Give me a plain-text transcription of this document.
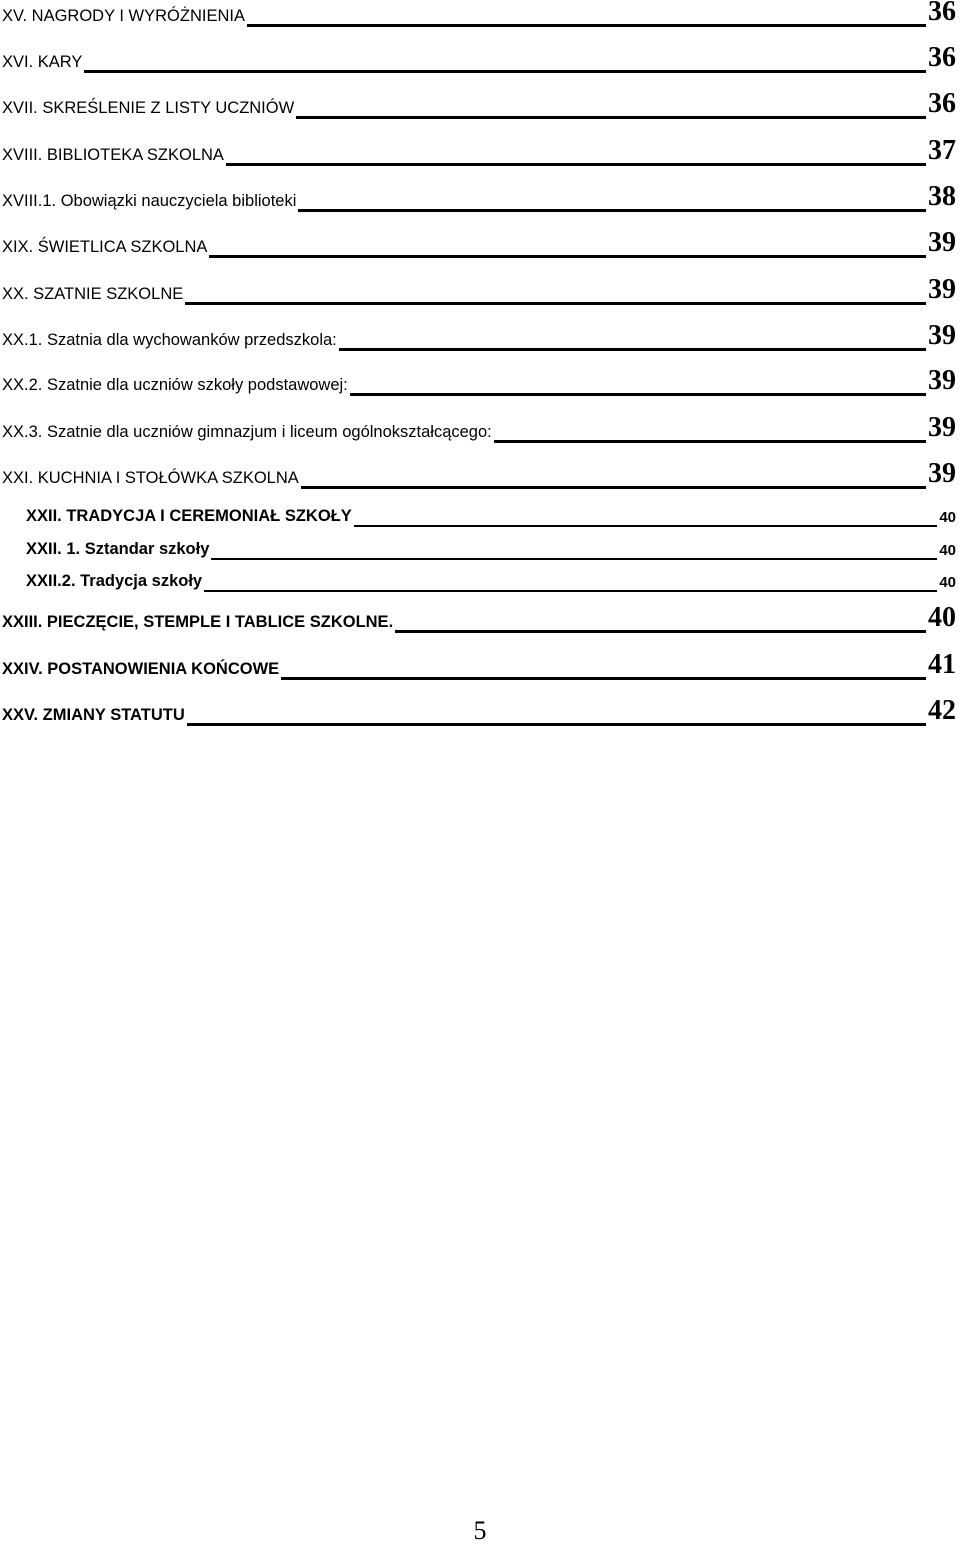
XV. NAGRODY I WYRÓŻNIENIA	36
XVI. KARY	36
XVII. SKREŚLENIE Z LISTY UCZNIÓW	36
XVIII. BIBLIOTEKA SZKOLNA	37
XVIII.1. Obowiązki nauczyciela biblioteki	38
XIX. ŚWIETLICA SZKOLNA	39
XX. SZATNIE SZKOLNE	39
XX.1. Szatnia dla wychowanków przedszkola:	39
XX.2. Szatnie dla uczniów szkoły podstawowej:	39
XX.3. Szatnie dla uczniów gimnazjum i liceum ogólnokształcącego:	39
XXI. KUCHNIA I STOŁÓWKA SZKOLNA	39
XXII. TRADYCJA I CEREMONIAŁ SZKOŁY	40
XXII. 1. Sztandar szkoły	40
XXII.2. Tradycja szkoły	40
XXIII. PIECZĘCIE, STEMPLE I TABLICE SZKOLNE.	40
XXIV. POSTANOWIENIA KOŃCOWE	41
XXV. ZMIANY STATUTU	42
5
